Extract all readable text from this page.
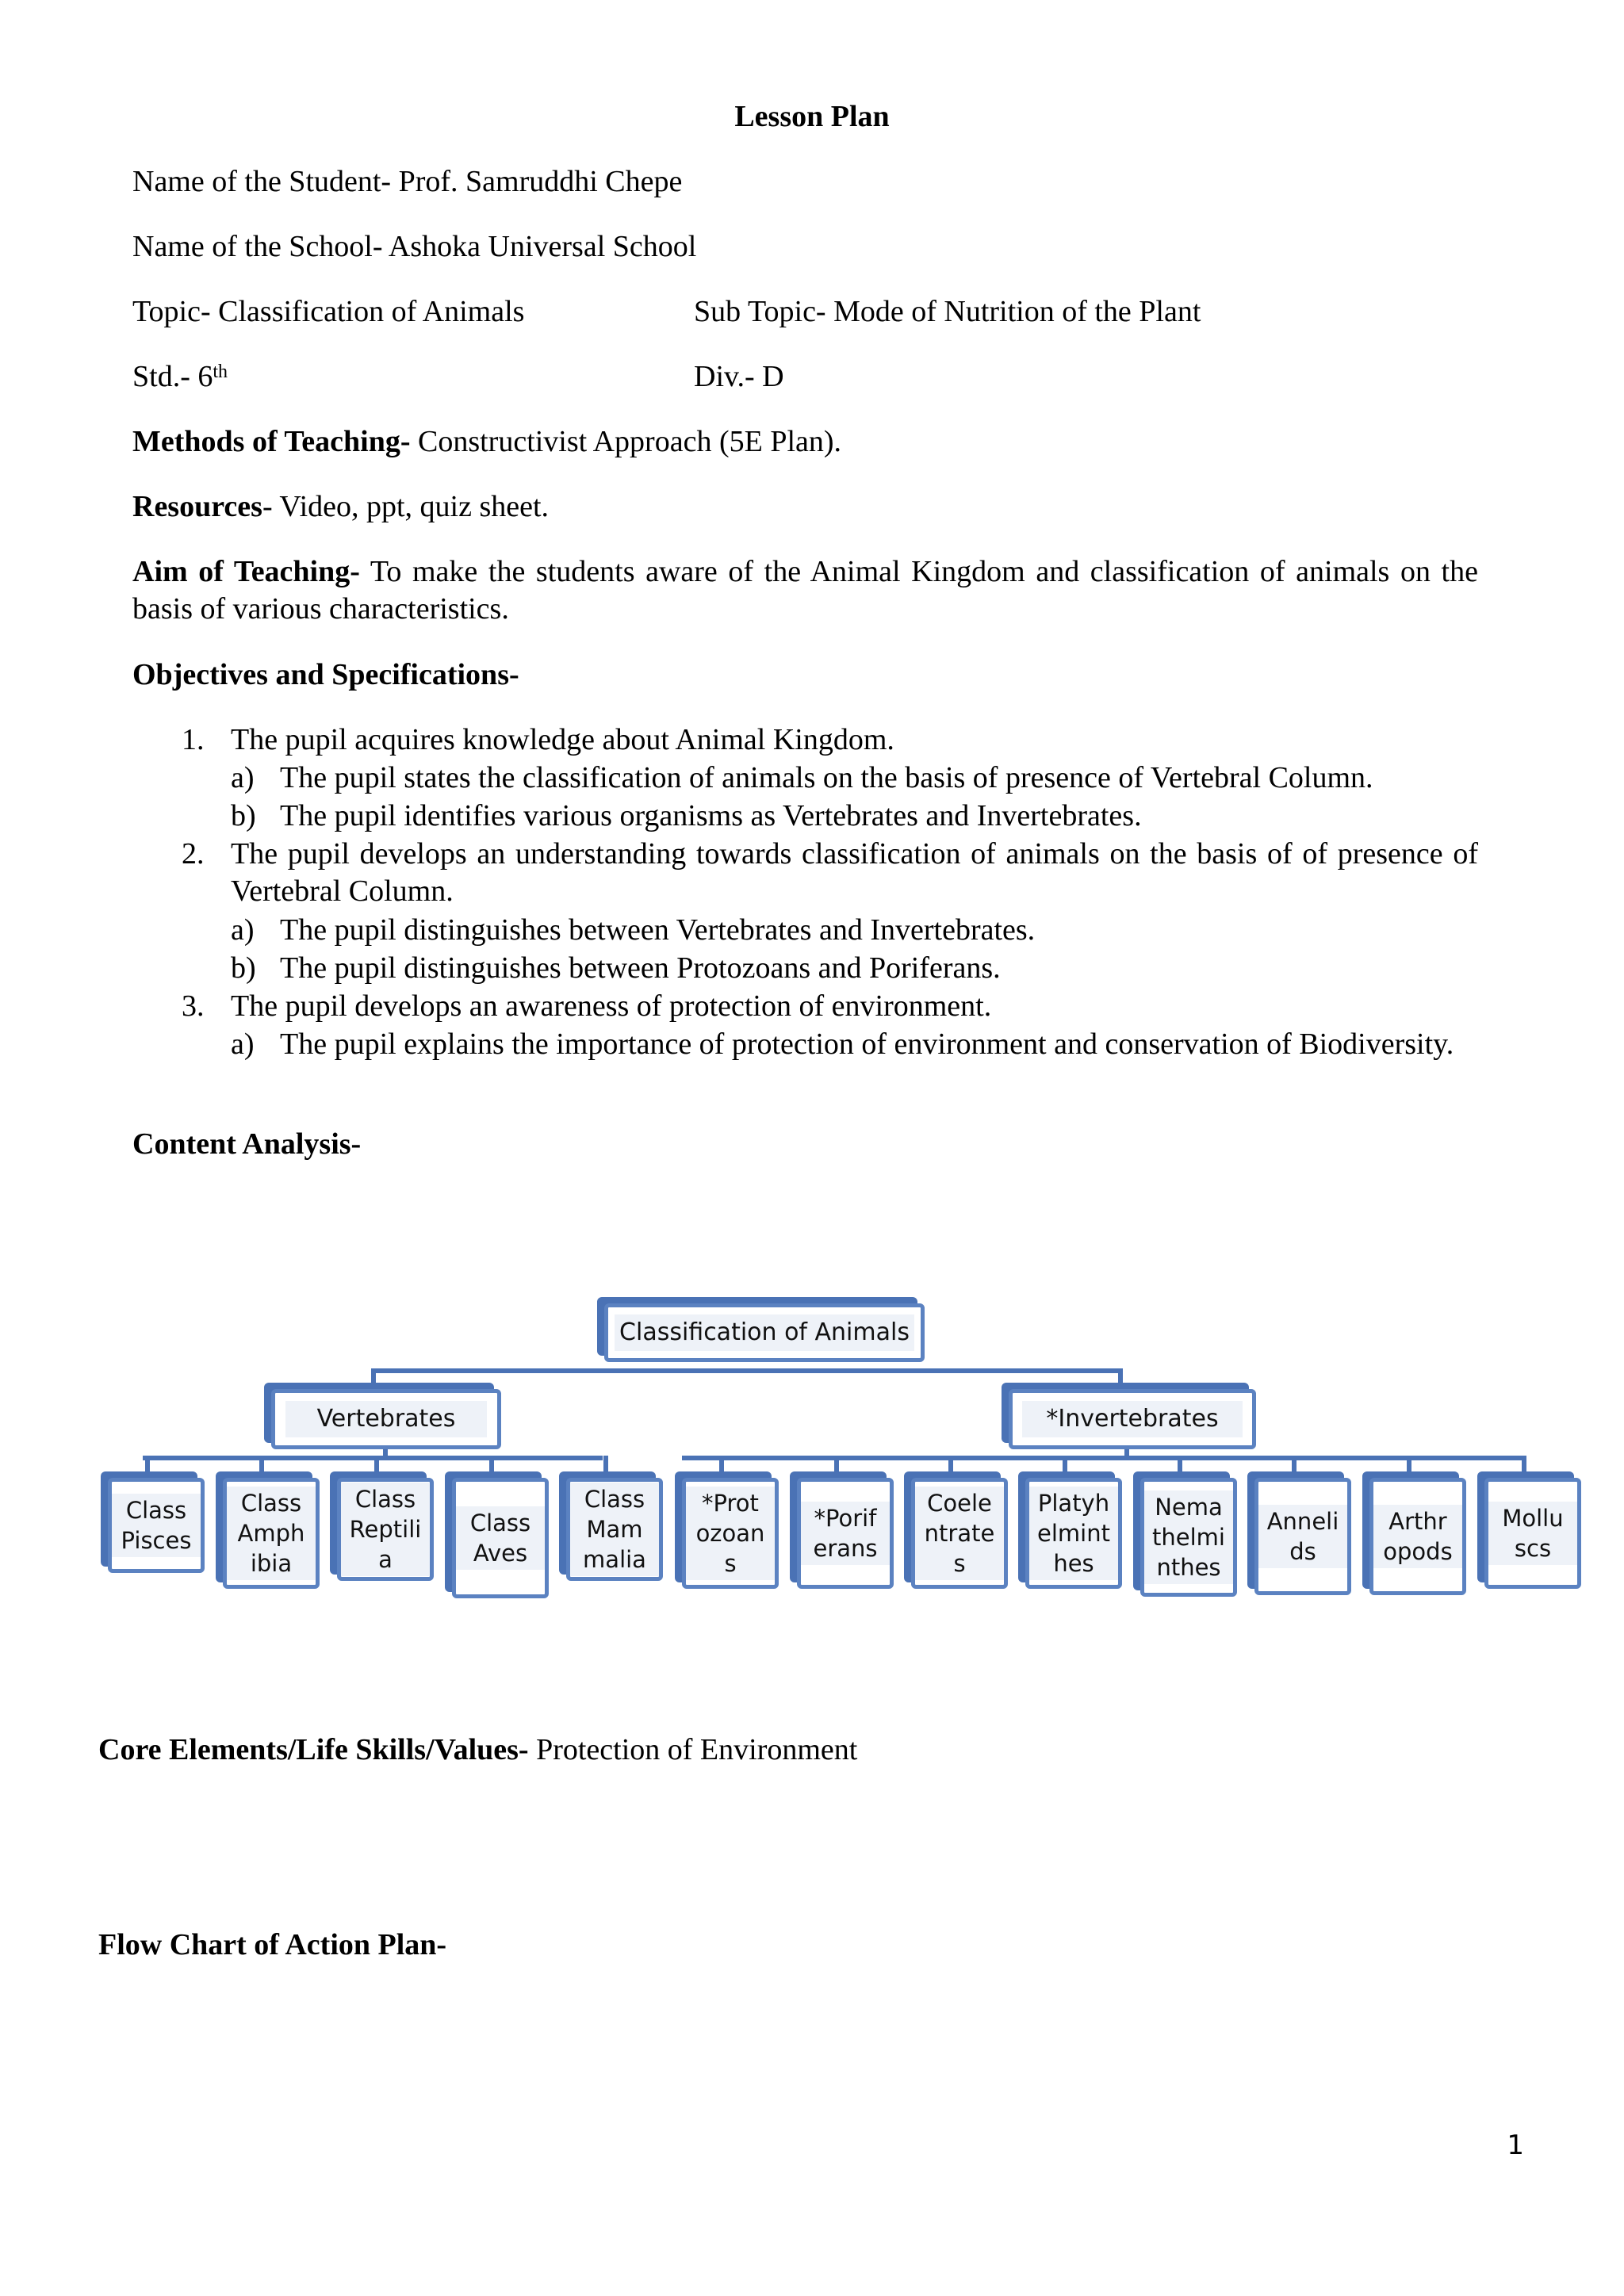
Lesson Plan
Name of the Student- Prof. Samruddhi Chepe
Name of the School- Ashoka Universal School
Topic- Classification of Animals	Sub Topic- Mode of Nutrition of the Plant
Std.- 6th	Div.- D
Methods of Teaching- Constructivist Approach (5E Plan).
Resources- Video, ppt, quiz sheet.
Aim of Teaching- To make the students aware of the Animal Kingdom and classification of animals on the basis of various characteristics.
Objectives and Specifications-
1. The pupil acquires knowledge about Animal Kingdom.
a) The pupil states the classification of animals on the basis of presence of Vertebral Column.
b) The pupil identifies various organisms as Vertebrates and Invertebrates.
2. The pupil develops an understanding towards classification of animals on the basis of of presence of Vertebral Column.
a) The pupil distinguishes between Vertebrates and Invertebrates.
b) The pupil distinguishes between Protozoans and Poriferans.
3. The pupil develops an awareness of protection of environment.
a) The pupil explains the importance of protection of environment and conservation of Biodiversity.
Content Analysis-
Classification of Animals
Vertebrates	*Invertebrates
Class
Pisces
Class
Amph
ibia
Class
Reptili
a
Class
Aves
Class
Mam
malia
*Prot
ozoan
s
*Porif
erans
Coele
ntrate
s
Platyh
elmint
hes
Nema
thelmi
nthes
Anneli
ds
Arthr
opods
Mollu
scs
Core Elements/Life Skills/Values- Protection of Environment
Flow Chart of Action Plan-
1
